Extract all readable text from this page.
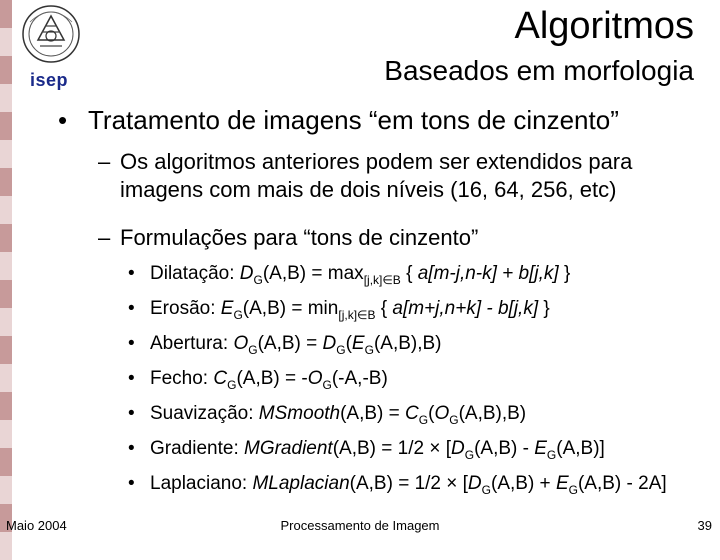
isep
Algoritmos
Baseados em morfologia
• Tratamento de imagens “em tons de cinzento”
– Os algoritmos anteriores podem ser extendidos para imagens com mais de dois níveis (16, 64, 256, etc)
– Formulações para “tons de cinzento”
• Dilatação: $D_G(A,B) = \max_{[j,k]\in B}$ { a[m-j,n-k] + b[j,k] }
• Erosão: $E_G(A,B) = \min_{[j,k]\in B}$ { a[m+j,n+k] - b[j,k] }
• Abertura: $O_G(A,B) = D_G(E_G(A,B),B)$
• Fecho: $C_G(A,B) = -O_G(-A,-B)$
• Suavização: MSmooth(A,B) = $C_G(O_G(A,B),B)$
• Gradiente: MGradient(A,B) = $1/2 \times [D_G(A,B) - E_G(A,B)]$
• Laplaciano: MLaplacian(A,B) = $1/2 \times [D_G(A,B) + E_G(A,B) - 2A]$
Maio 2004	Processamento de Imagem	39
